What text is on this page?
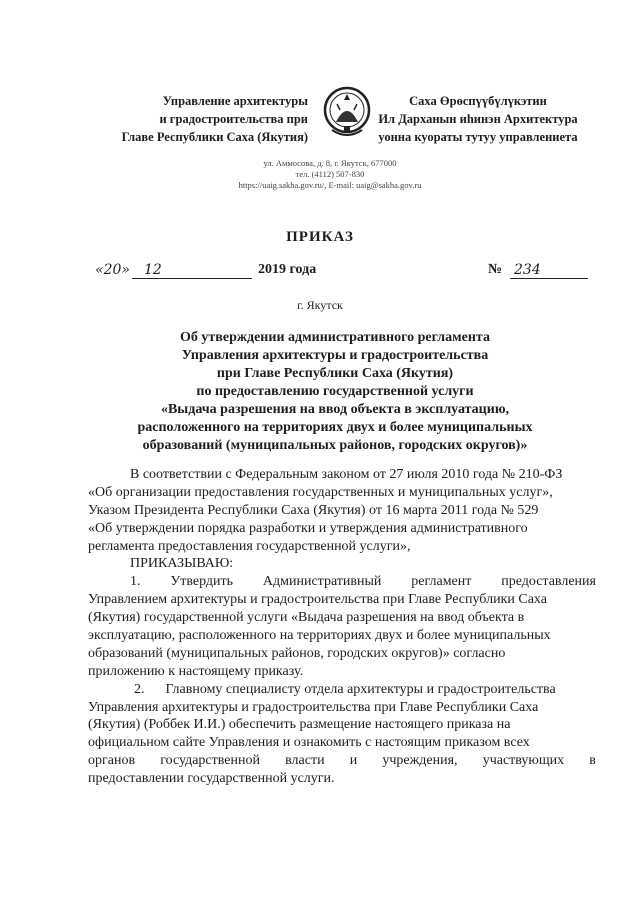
Управление архитектуры
и градостроительства при
Главе Республики Саха (Якутия)
Саха Өрөспүүбүлүкэтин
Ил Дарханын иһинэн Архитектура
уонна куораты тутуу управлениета
ул. Аммосова, д. 8, г. Якутск, 677000
тел. (4112) 507-830
https://uaig.sakha.gov.ru/, E-mail: uaig@sakha.gov.ru
ПРИКАЗ
«20»	12	2019 года	№ 234
г. Якутск
Об утверждении административного регламента
Управления архитектуры и градостроительства
при Главе Республики Саха (Якутия)
по предоставлению государственной услуги
«Выдача разрешения на ввод объекта в эксплуатацию,
расположенного на территориях двух и более муниципальных
образований (муниципальных районов, городских округов)»
В соответствии с Федеральным законом от 27 июля 2010 года № 210-ФЗ
«Об организации предоставления государственных и муниципальных услуг»,
Указом Президента Республики Саха (Якутия) от 16 марта 2011 года № 529
«Об утверждении порядка разработки и утверждения административного
регламента предоставления государственной услуги»,
ПРИКАЗЫВАЮ:
1. Утвердить Административный регламент предоставления
Управлением архитектуры и градостроительства при Главе Республики Саха
(Якутия) государственной услуги «Выдача разрешения на ввод объекта в
эксплуатацию, расположенного на территориях двух и более муниципальных
образований (муниципальных районов, городских округов)» согласно
приложению к настоящему приказу.
2.      Главному специалисту отдела архитектуры и градостроительства
Управления архитектуры и градостроительства при Главе Республики Саха
(Якутия) (Роббек И.И.) обеспечить размещение настоящего приказа на
официальном сайте Управления и ознакомить с настоящим приказом всех
органов государственной власти и учреждения, участвующих в
предоставлении государственной услуги.
